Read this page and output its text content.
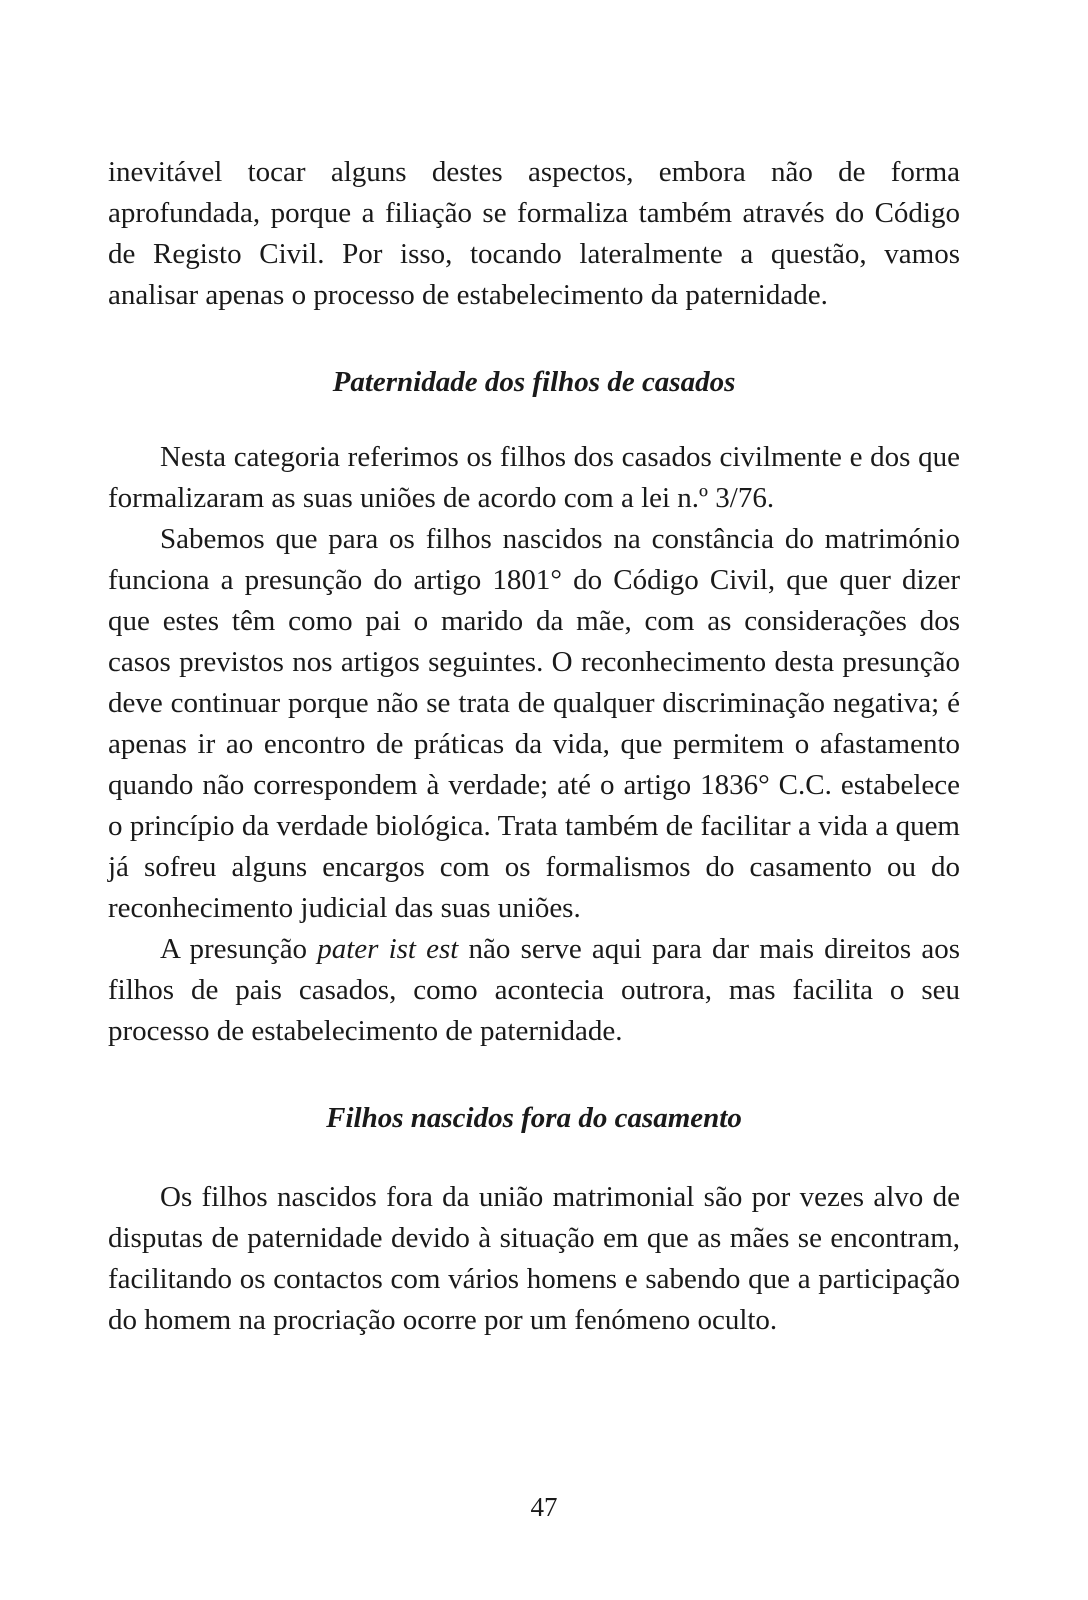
inevitável tocar alguns destes aspectos, embora não de forma aprofundada, porque a filiação se formaliza também através do Código de Registo Civil. Por isso, tocando lateralmente a questão, vamos analisar apenas o processo de estabelecimento da paternidade.

Paternidade dos filhos de casados

Nesta categoria referimos os filhos dos casados civilmente e dos que formalizaram as suas uniões de acordo com a lei n.º 3/76.

Sabemos que para os filhos nascidos na constância do matrimónio funciona a presunção do artigo 1801° do Código Civil, que quer dizer que estes têm como pai o marido da mãe, com as considerações dos casos previstos nos artigos seguintes. O reconhecimento desta presunção deve continuar porque não se trata de qualquer discriminação negativa; é apenas ir ao encontro de práticas da vida, que permitem o afastamento quando não correspondem à verdade; até o artigo 1836° C.C. estabelece o princípio da verdade biológica. Trata também de facilitar a vida a quem já sofreu alguns encargos com os formalismos do casamento ou do reconhecimento judicial das suas uniões.

A presunção pater ist est não serve aqui para dar mais direitos aos filhos de pais casados, como acontecia outrora, mas facilita o seu processo de estabelecimento de paternidade.

Filhos nascidos fora do casamento

Os filhos nascidos fora da união matrimonial são por vezes alvo de disputas de paternidade devido à situação em que as mães se encontram, facilitando os contactos com vários homens e sabendo que a participação do homem na procriação ocorre por um fenómeno oculto.

47
